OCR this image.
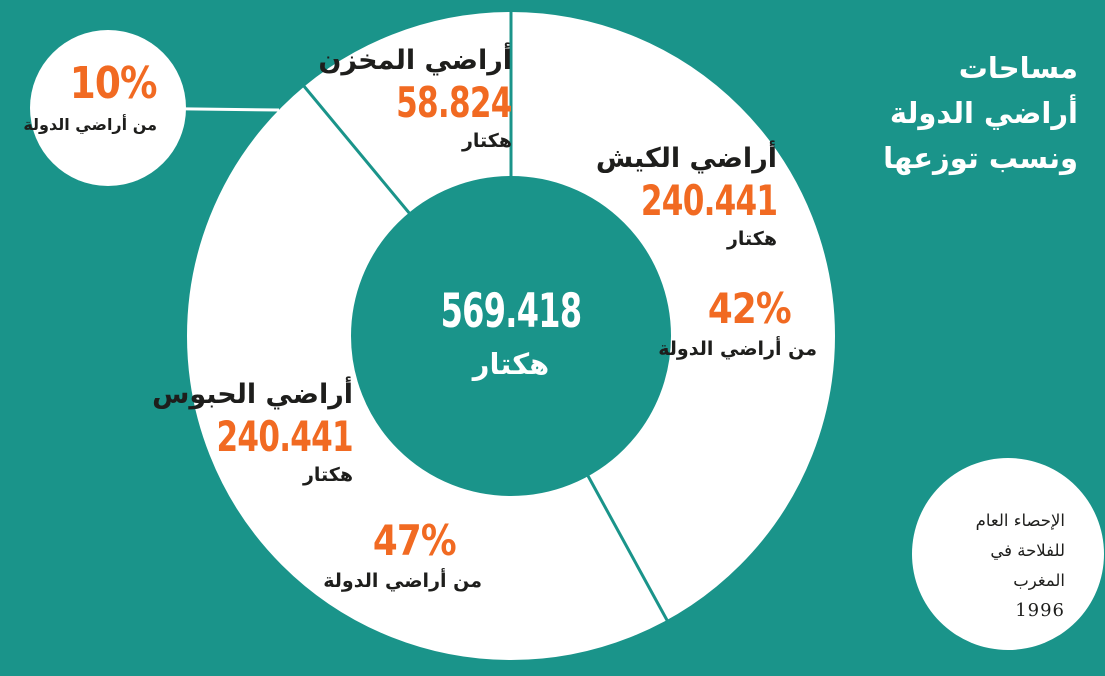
مساحات
أراضي الدولة
ونسب توزعها
أراضي المخزن
58.824
هكتار
أراضي الكيش
240.441
هكتار
42%
من أراضي الدولة
أراضي الحبوس
240.441
هكتار
47%
من أراضي الدولة
569.418
هكتار
10%
من أراضي الدولة
الإحصاء العام
للفلاحة في
المغرب
1996
